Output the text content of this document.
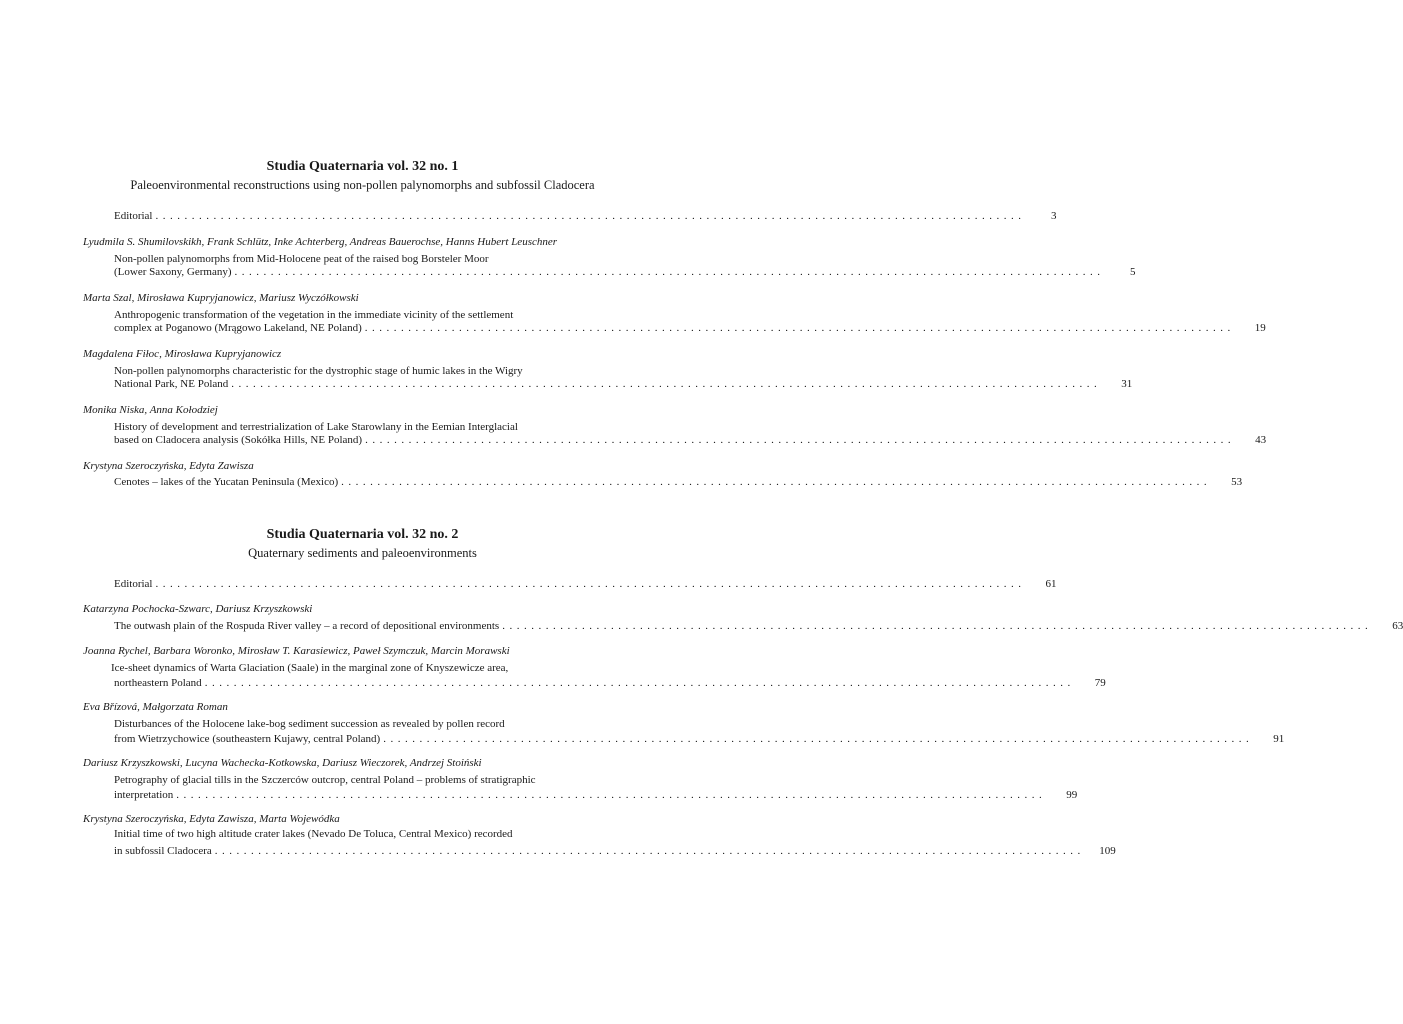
Studia Quaternaria vol. 32 no. 1
Paleoenvironmental reconstructions using non-pollen palynomorphs and subfossil Cladocera
Editorial ........................................................................................................................	3
Lyudmila S. Shumilovskikh, Frank Schlütz, Inke Achterberg, Andreas Bauerochse, Hanns Hubert Leuschner
Non-pollen palynomorphs from Mid-Holocene peat of the raised bog Borsteler Moor
(Lower Saxony, Germany) ........................................................................................................................	5
Marta Szal, Mirosława Kupryjanowicz, Mariusz Wyczółkowski
Anthropogenic transformation of the vegetation in the immediate vicinity of the settlement
complex at Poganowo (Mrągowo Lakeland, NE Poland) ........................................................................................................................	19
Magdalena Fiłoc, Mirosława Kupryjanowicz
Non-pollen palynomorphs characteristic for the dystrophic stage of humic lakes in the Wigry
National Park, NE Poland ........................................................................................................................	31
Monika Niska, Anna Kołodziej
History of development and terrestrialization of Lake Starowlany in the Eemian Interglacial
based on Cladocera analysis (Sokółka Hills, NE Poland) ........................................................................................................................	43
Krystyna Szeroczyńska, Edyta Zawisza
Cenotes – lakes of the Yucatan Peninsula (Mexico) ........................................................................................................................	53
Studia Quaternaria vol. 32 no. 2
Quaternary sediments and paleoenvironments
Editorial ........................................................................................................................	61
Katarzyna Pochocka-Szwarc, Dariusz Krzyszkowski
The outwash plain of the Rospuda River valley – a record of depositional environments ........................................................................................................................	63
Joanna Rychel, Barbara Woronko, Mirosław T. Karasiewicz, Paweł Szymczuk, Marcin Morawski
Ice-sheet dynamics of Warta Glaciation (Saale) in the marginal zone of Knyszewicze area,
northeastern Poland ........................................................................................................................	79
Eva Břízová, Małgorzata Roman
Disturbances of the Holocene lake-bog sediment succession as revealed by pollen record
from Wietrzychowice (southeastern Kujawy, central Poland) ........................................................................................................................	91
Dariusz Krzyszkowski, Lucyna Wachecka-Kotkowska, Dariusz Wieczorek, Andrzej Stoiński
Petrography of glacial tills in the Szczerców outcrop, central Poland – problems of stratigraphic
interpretation ........................................................................................................................	99
Krystyna Szeroczyńska, Edyta Zawisza, Marta Wojewódka
Initial time of two high altitude crater lakes (Nevado De Toluca, Central Mexico) recorded
in subfossil Cladocera ........................................................................................................................	109
